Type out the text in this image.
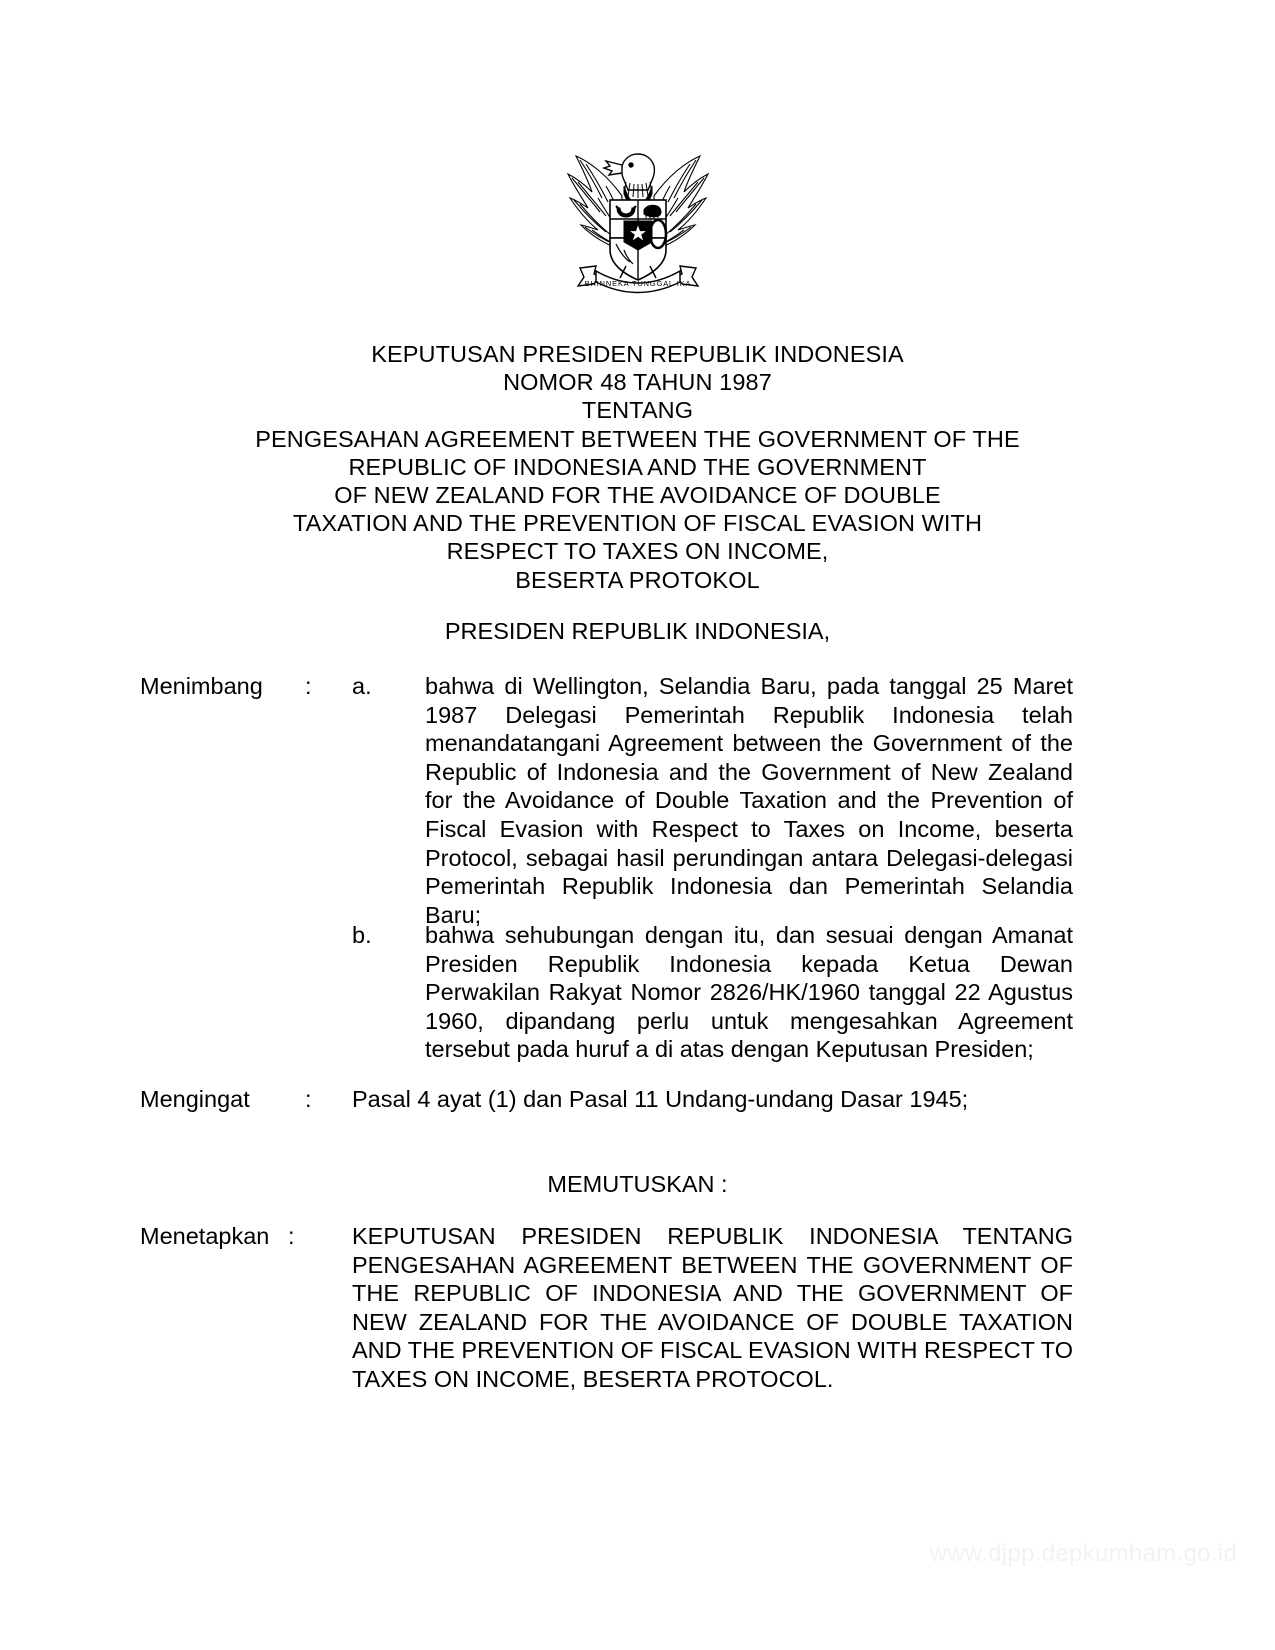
BHINNEKA TUNGGAL IKA
KEPUTUSAN PRESIDEN REPUBLIK INDONESIA
NOMOR 48 TAHUN 1987
TENTANG
PENGESAHAN AGREEMENT BETWEEN THE GOVERNMENT OF THE
REPUBLIC OF INDONESIA AND THE GOVERNMENT
OF NEW ZEALAND FOR THE AVOIDANCE OF DOUBLE
TAXATION AND THE PREVENTION OF FISCAL EVASION WITH
RESPECT TO TAXES ON INCOME,
BESERTA PROTOKOL
PRESIDEN REPUBLIK INDONESIA,
Menimbang : a. bahwa di Wellington, Selandia Baru, pada tanggal 25 Maret 1987 Delegasi Pemerintah Republik Indonesia telah menandatangani Agreement between the Government of the Republic of Indonesia and the Government of New Zealand for the Avoidance of Double Taxation and the Prevention of Fiscal Evasion with Respect to Taxes on Income, beserta Protocol, sebagai hasil perundingan antara Delegasi-delegasi Pemerintah Republik Indonesia dan Pemerintah Selandia Baru;
b. bahwa sehubungan dengan itu, dan sesuai dengan Amanat Presiden Republik Indonesia kepada Ketua Dewan Perwakilan Rakyat Nomor 2826/HK/1960 tanggal 22 Agustus 1960, dipandang perlu untuk mengesahkan Agreement tersebut pada huruf a di atas dengan Keputusan Presiden;
Mengingat : Pasal 4 ayat (1) dan Pasal 11 Undang-undang Dasar 1945;
MEMUTUSKAN :
Menetapkan : KEPUTUSAN PRESIDEN REPUBLIK INDONESIA TENTANG PENGESAHAN AGREEMENT BETWEEN THE GOVERNMENT OF THE REPUBLIC OF INDONESIA AND THE GOVERNMENT OF NEW ZEALAND FOR THE AVOIDANCE OF DOUBLE TAXATION AND THE PREVENTION OF FISCAL EVASION WITH RESPECT TO TAXES ON INCOME, BESERTA PROTOCOL.
www.djpp.depkumham.go.id
